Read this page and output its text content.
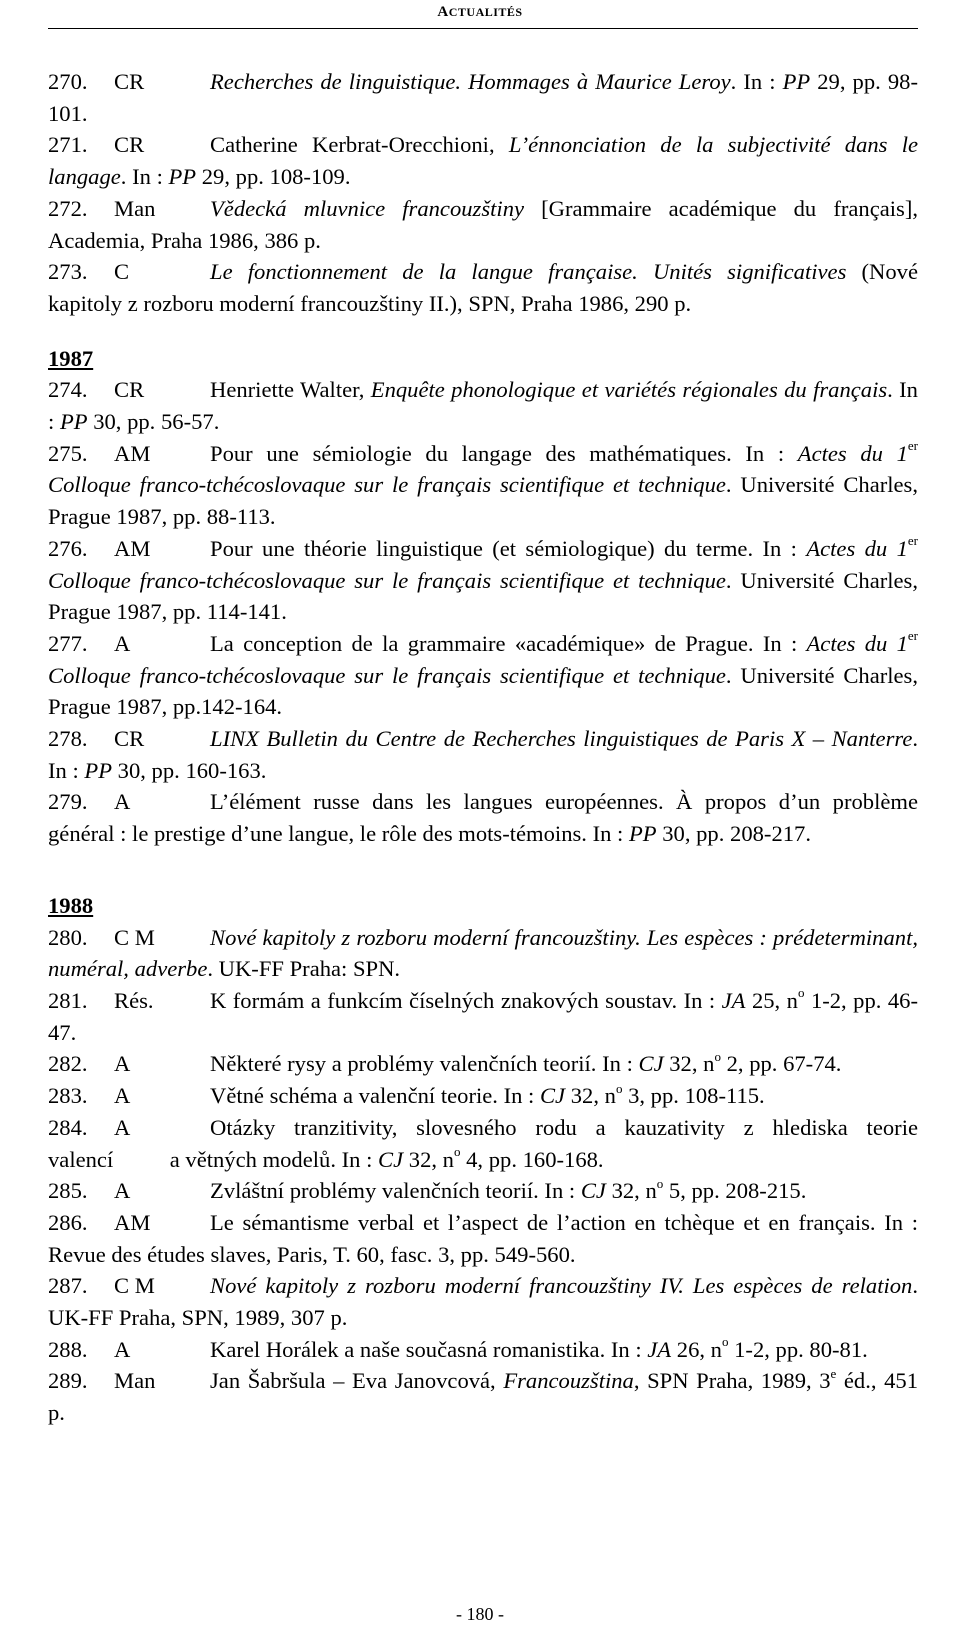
ACTUALITÉS
270. CR	Recherches de linguistique. Hommages à Maurice Leroy. In : PP 29, pp. 98-101.
271. CR	Catherine Kerbrat-Orecchioni, L’énnonciation de la subjectivité dans le langage. In : PP 29, pp. 108-109.
272. Man Vědecká mluvnice francouzštiny [Grammaire académique du français], Academia, Praha 1986, 386 p.
273. C	Le fonctionnement de la langue française. Unités significatives (Nové kapitoly z rozboru moderní francouzštiny II.), SPN, Praha 1986, 290 p.
1987
274. CR	Henriette Walter, Enquête phonologique et variétés régionales du français. In : PP 30, pp. 56-57.
275. AM	Pour une sémiologie du langage des mathématiques. In : Actes du 1er Colloque franco-tchécoslovaque sur le français scientifique et technique. Université Charles, Prague 1987, pp. 88-113.
276. AM	Pour une théorie linguistique (et sémiologique) du terme. In : Actes du 1er Colloque franco-tchécoslovaque sur le français scientifique et technique. Université Charles, Prague 1987, pp. 114-141.
277. A	La conception de la grammaire «académique» de Prague. In : Actes du 1er Colloque franco-tchécoslovaque sur le français scientifique et technique. Université Charles, Prague 1987, pp.142-164.
278. CR	LINX Bulletin du Centre de Recherches linguistiques de Paris X – Nanterre. In : PP 30, pp. 160-163.
279. A	L’élément russe dans les langues européennes. À propos d’un problème général : le prestige d’une langue, le rôle des mots-témoins. In : PP 30, pp. 208-217.
1988
280. C M Nové kapitoly z rozboru moderní francouzštiny. Les espèces : prédeterminant, numéral, adverbe. UK-FF Praha: SPN.
281. Rés. K formám a funkcím číselných znakových soustav. In : JA 25, $n^o$ 1-2, pp. 46-47.
282. A	Některé rysy a problémy valenčních teorií. In : CJ 32, $n^o$ 2, pp. 67-74.
283. A	Větné schéma a valenční teorie. In : CJ 32, $n^o$ 3, pp. 108-115.
284. A	Otázky tranzitivity, slovesného rodu a kauzativity z hlediska teorie valencí a větných modelů. In : CJ 32, $n^o$ 4, pp. 160-168.
285. A	Zvláštní problémy valenčních teorií. In : CJ 32, $n^o$ 5, pp. 208-215.
286. AM	Le sémantisme verbal et l’aspect de l’action en tchèque et en français. In : Revue des études slaves, Paris, T. 60, fasc. 3, pp. 549-560.
287. C M Nové kapitoly z rozboru moderní francouzštiny IV. Les espèces de relation. UK-FF Praha, SPN, 1989, 307 p.
288. A	Karel Horálek a naše současná romanistika. In : JA 26, $n^o$ 1-2, pp. 80-81.
289. Man Jan Šabršula – Eva Janovcová, Francouzština, SPN Praha, 1989, 3e éd., 451 p.
- 180 -
